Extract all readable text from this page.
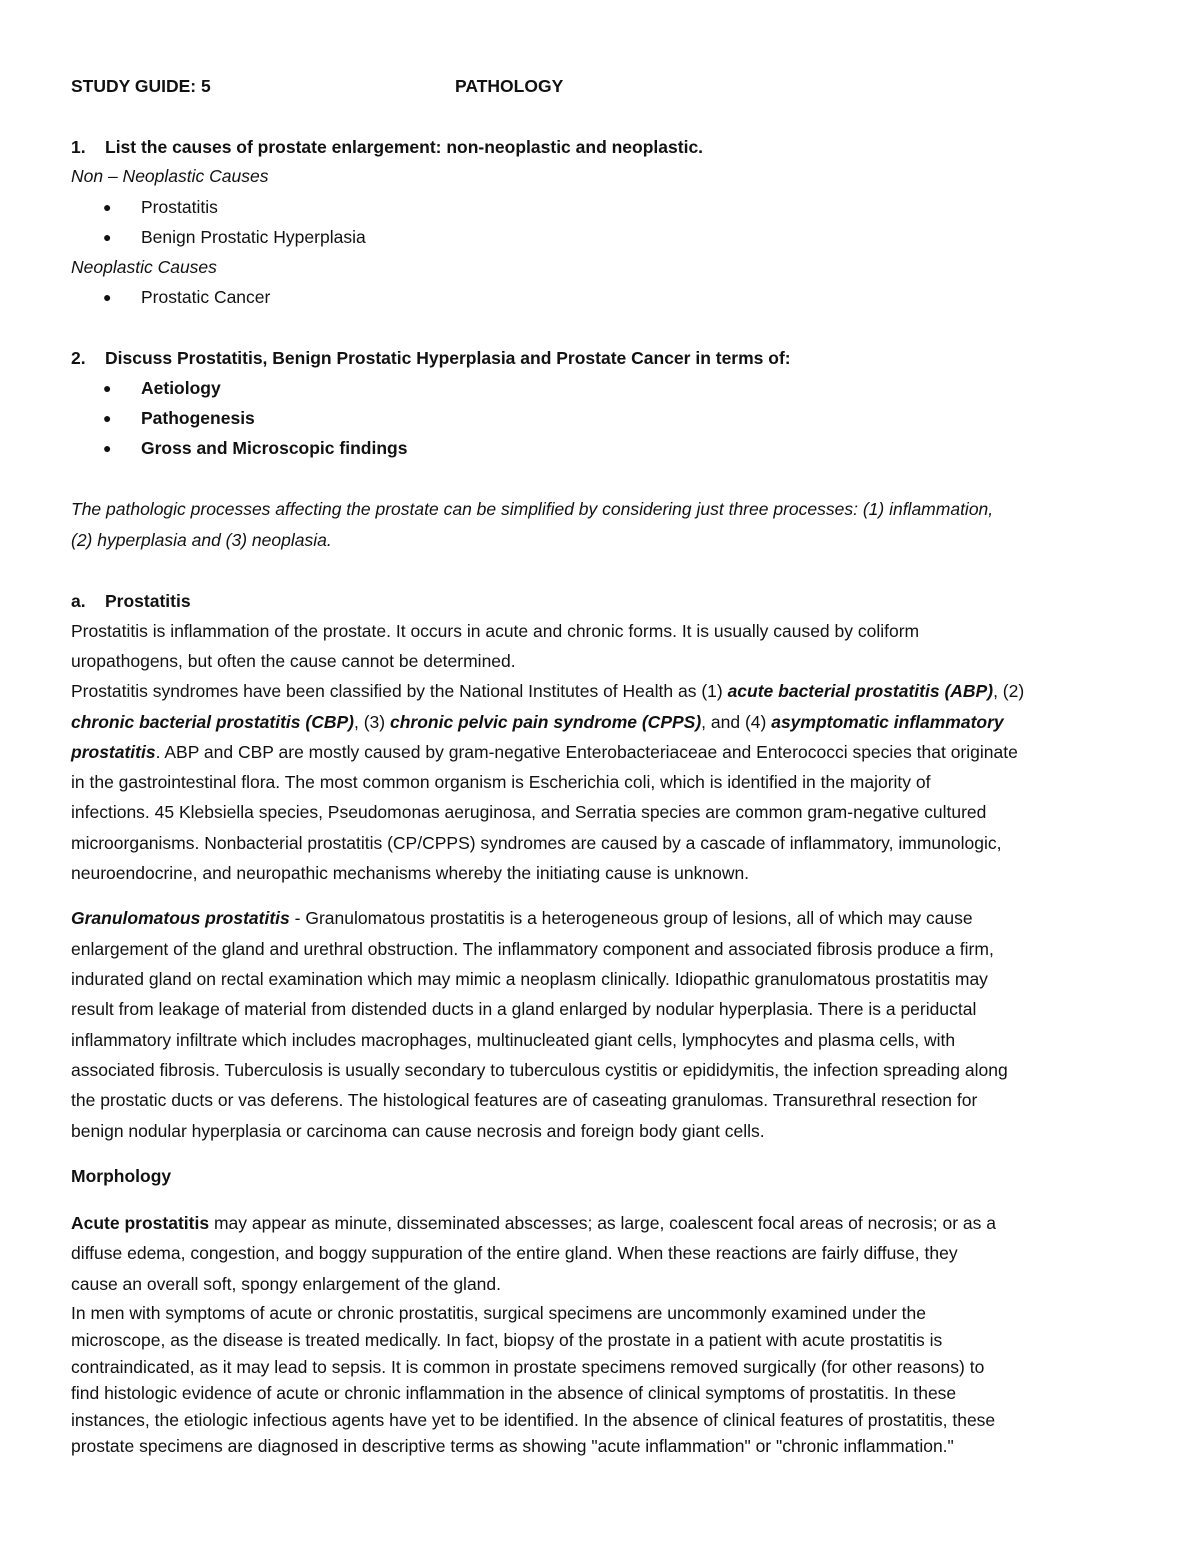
STUDY GUIDE: 5	PATHOLOGY
1. List the causes of prostate enlargement: non-neoplastic and neoplastic.
Non – Neoplastic Causes
● Prostatitis
● Benign Prostatic Hyperplasia
Neoplastic Causes
● Prostatic Cancer
2. Discuss Prostatitis, Benign Prostatic Hyperplasia and Prostate Cancer in terms of:
● Aetiology
● Pathogenesis
● Gross and Microscopic findings
The pathologic processes affecting the prostate can be simplified by considering just three processes: (1) inflammation,
(2) hyperplasia and (3) neoplasia.
a. Prostatitis
Prostatitis is inflammation of the prostate. It occurs in acute and chronic forms. It is usually caused by coliform
uropathogens, but often the cause cannot be determined.
Prostatitis syndromes have been classified by the National Institutes of Health as (1) acute bacterial prostatitis (ABP), (2)
chronic bacterial prostatitis (CBP), (3) chronic pelvic pain syndrome (CPPS), and (4) asymptomatic inflammatory
prostatitis. ABP and CBP are mostly caused by gram-negative Enterobacteriaceae and Enterococci species that originate
in the gastrointestinal flora. The most common organism is Escherichia coli, which is identified in the majority of
infections. 45 Klebsiella species, Pseudomonas aeruginosa, and Serratia species are common gram-negative cultured
microorganisms. Nonbacterial prostatitis (CP/CPPS) syndromes are caused by a cascade of inflammatory, immunologic,
neuroendocrine, and neuropathic mechanisms whereby the initiating cause is unknown.
Granulomatous prostatitis - Granulomatous prostatitis is a heterogeneous group of lesions, all of which may cause
enlargement of the gland and urethral obstruction. The inflammatory component and associated fibrosis produce a firm,
indurated gland on rectal examination which may mimic a neoplasm clinically. Idiopathic granulomatous prostatitis may
result from leakage of material from distended ducts in a gland enlarged by nodular hyperplasia. There is a periductal
inflammatory infiltrate which includes macrophages, multinucleated giant cells, lymphocytes and plasma cells, with
associated fibrosis. Tuberculosis is usually secondary to tuberculous cystitis or epididymitis, the infection spreading along
the prostatic ducts or vas deferens. The histological features are of caseating granulomas. Transurethral resection for
benign nodular hyperplasia or carcinoma can cause necrosis and foreign body giant cells.
Morphology
Acute prostatitis may appear as minute, disseminated abscesses; as large, coalescent focal areas of necrosis; or as a
diffuse edema, congestion, and boggy suppuration of the entire gland. When these reactions are fairly diffuse, they
cause an overall soft, spongy enlargement of the gland.
In men with symptoms of acute or chronic prostatitis, surgical specimens are uncommonly examined under the
microscope, as the disease is treated medically. In fact, biopsy of the prostate in a patient with acute prostatitis is
contraindicated, as it may lead to sepsis. It is common in prostate specimens removed surgically (for other reasons) to
find histologic evidence of acute or chronic inflammation in the absence of clinical symptoms of prostatitis. In these
instances, the etiologic infectious agents have yet to be identified. In the absence of clinical features of prostatitis, these
prostate specimens are diagnosed in descriptive terms as showing "acute inflammation" or "chronic inflammation."
